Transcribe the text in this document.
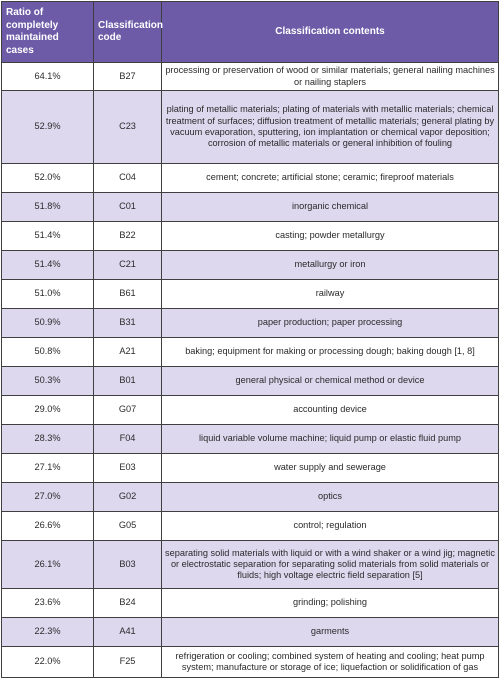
Ratio of completely maintained cases	Classification code	Classification contents
64.1%	B27	processing or preservation of wood or similar materials; general nailing machines or nailing staplers
52.9%	C23	plating of metallic materials; plating of materials with metallic materials; chemical treatment of surfaces; diffusion treatment of metallic materials; general plating by vacuum evaporation, sputtering, ion implantation or chemical vapor deposition; corrosion of metallic materials or general inhibition of fouling
52.0%	C04	cement; concrete; artificial stone; ceramic; fireproof materials
51.8%	C01	inorganic chemical
51.4%	B22	casting; powder metallurgy
51.4%	C21	metallurgy or iron
51.0%	B61	railway
50.9%	B31	paper production; paper processing
50.8%	A21	baking; equipment for making or processing dough; baking dough [1, 8]
50.3%	B01	general physical or chemical method or device
29.0%	G07	accounting device
28.3%	F04	liquid variable volume machine; liquid pump or elastic fluid pump
27.1%	E03	water supply and sewerage
27.0%	G02	optics
26.6%	G05	control; regulation
26.1%	B03	separating solid materials with liquid or with a wind shaker or a wind jig; magnetic or electrostatic separation for separating solid materials from solid materials or fluids; high voltage electric field separation [5]
23.6%	B24	grinding; polishing
22.3%	A41	garments
22.0%	F25	refrigeration or cooling; combined system of heating and cooling; heat pump system; manufacture or storage of ice; liquefaction or solidification of gas
